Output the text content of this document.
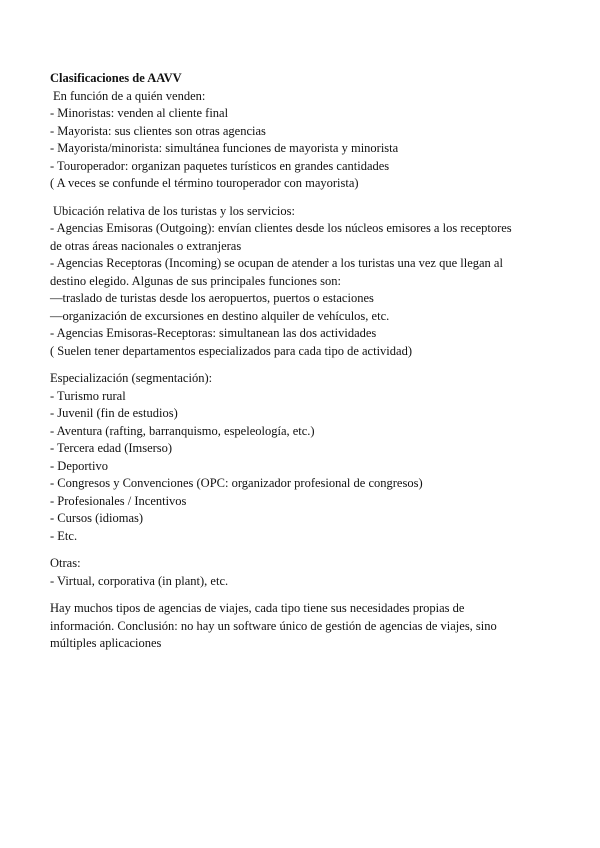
Clasificaciones de AAVV
En función de a quién venden:
- Minoristas: venden al cliente final
- Mayorista: sus clientes son otras agencias
- Mayorista/minorista: simultánea funciones de mayorista y minorista
- Touroperador: organizan paquetes turísticos en grandes cantidades
( A veces se confunde el término touroperador con mayorista)
Ubicación relativa de los turistas y los servicios:
- Agencias Emisoras (Outgoing): envían clientes desde los núcleos emisores a los receptores
de otras áreas nacionales o extranjeras
- Agencias Receptoras (Incoming) se ocupan de atender a los turistas una vez que llegan al
destino elegido. Algunas de sus principales funciones son:
—traslado de turistas desde los aeropuertos, puertos o estaciones
—organización de excursiones en destino alquiler de vehículos, etc.
- Agencias Emisoras-Receptoras: simultanean las dos actividades
( Suelen tener departamentos especializados para cada tipo de actividad)
Especialización (segmentación):
- Turismo rural
- Juvenil (fin de estudios)
- Aventura (rafting, barranquismo, espeleología, etc.)
- Tercera edad (Imserso)
- Deportivo
- Congresos y Convenciones (OPC: organizador profesional de congresos)
- Profesionales / Incentivos
- Cursos (idiomas)
- Etc.
Otras:
- Virtual, corporativa (in plant), etc.
Hay muchos tipos de agencias de viajes, cada tipo tiene sus necesidades propias de
información. Conclusión: no hay un software único de gestión de agencias de viajes, sino
múltiples aplicaciones
